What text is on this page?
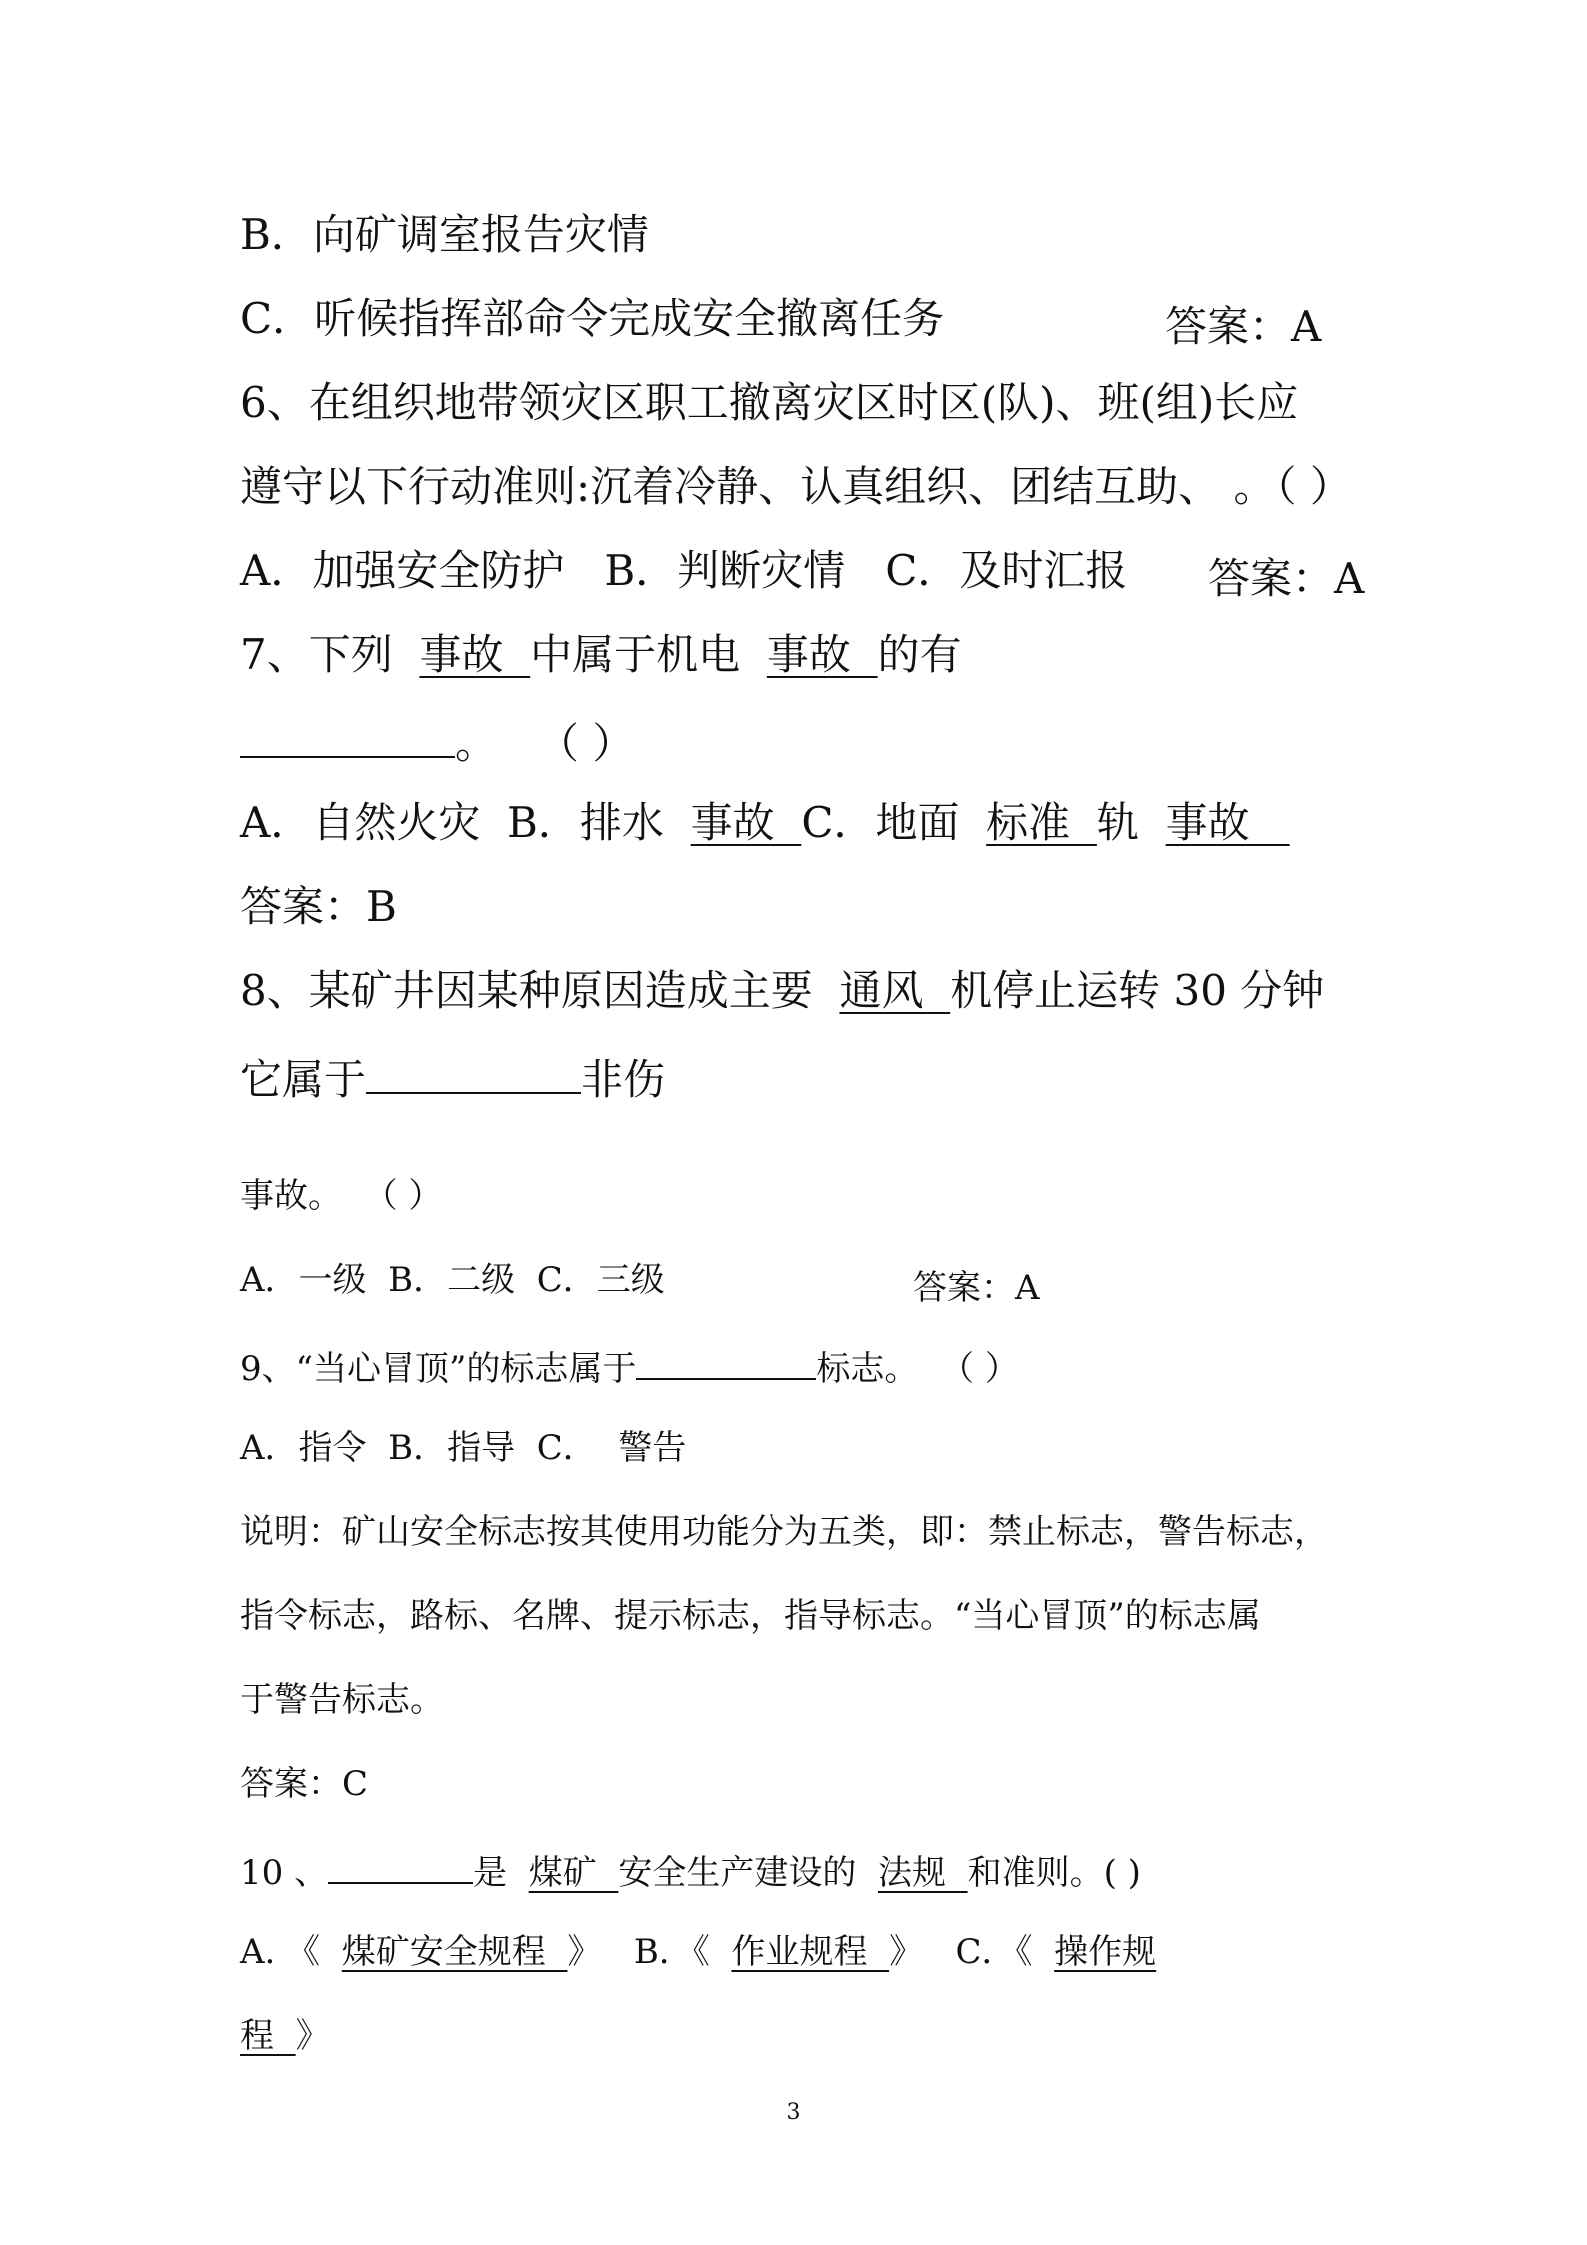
B．向矿调室报告灾情
C．听候指挥部命令完成安全撤离任务	答案：A
6、在组织地带领灾区职工撤离灾区时区(队)、班(组)长应
遵守以下行动准则:沉着冷静、认真组织、团结互助、 。（ ）
A．加强安全防护   B．判断灾情   C．及时汇报	答案：A
7、下列  事故  中属于机电  事故  的有
。   （ ）
A．自然火灾  B．排水  事故  C．地面  标准  轨  事故
答案：B
8、某矿井因某种原因造成主要  通风  机停止运转 30 分钟
它属于	非伤
事故。  （ ）
A．一级  B．二级  C．三级	答案：A
9、“当心冒顶”的标志属于	标志。  （ ）
A．指令  B．指导  C．  警告
说明：矿山安全标志按其使用功能分为五类，即：禁止标志，警告标志，
指令标志，路标、名牌、提示标志，指导标志。“当心冒顶”的标志属
于警告标志。
答案：C
10 、	是  煤矿  安全生产建设的  法规  和准则。( )
A. 《  煤矿安全规程  》   B．《  作业规程  》   C．《  操作规
程  》
3
